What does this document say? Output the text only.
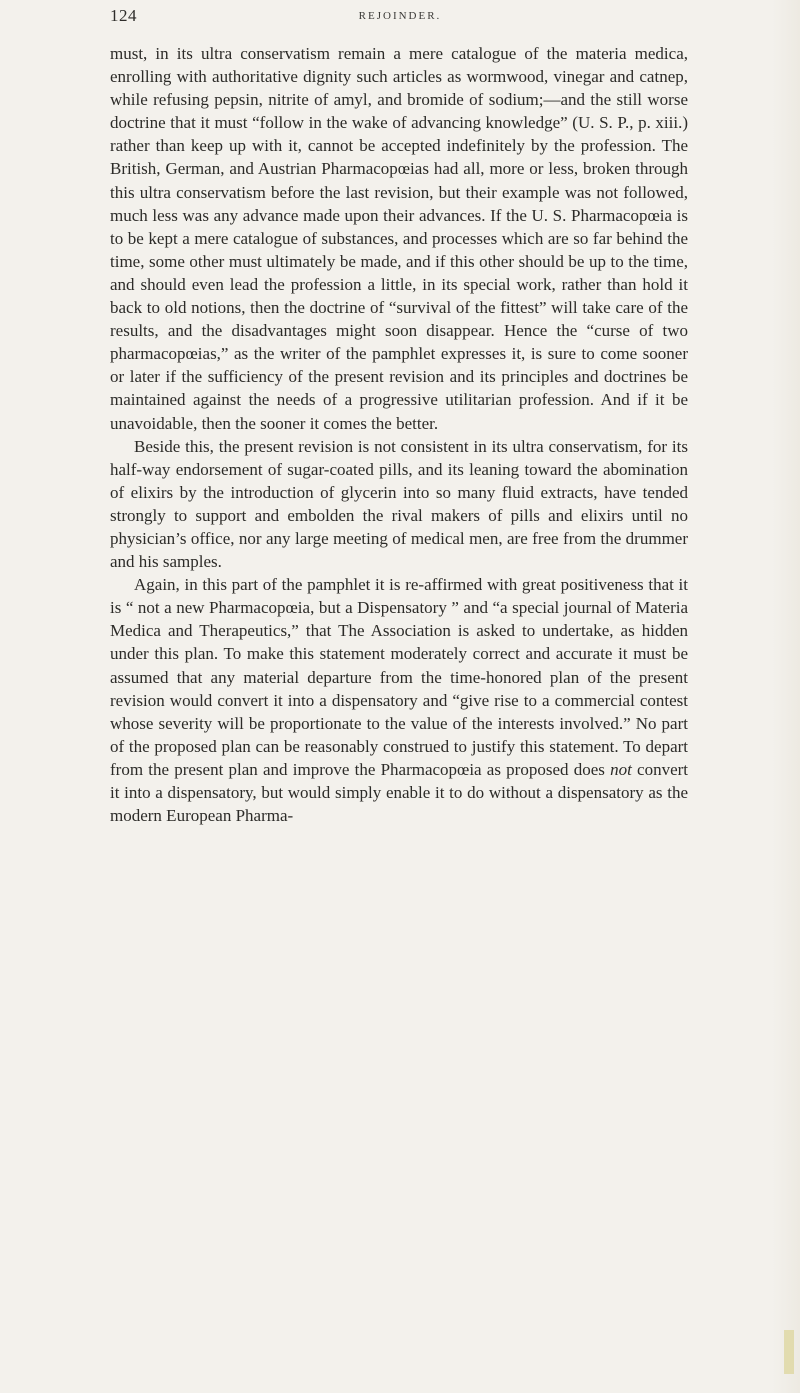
124	REJOINDER.

must, in its ultra conservatism remain a mere catalogue of the materia medica, enrolling with authoritative dignity such articles as wormwood, vinegar and catnep, while refusing pepsin, nitrite of amyl, and bromide of sodium;—and the still worse doctrine that it must “follow in the wake of advancing knowledge” (U. S. P., p. xiii.) rather than keep up with it, cannot be accepted indefinitely by the profession. The British, German, and Austrian Pharmacopœias had all, more or less, broken through this ultra conservatism before the last revision, but their example was not followed, much less was any advance made upon their advances. If the U. S. Pharmacopœia is to be kept a mere catalogue of substances, and processes which are so far behind the time, some other must ultimately be made, and if this other should be up to the time, and should even lead the profession a little, in its special work, rather than hold it back to old notions, then the doctrine of “survival of the fittest” will take care of the results, and the disadvantages might soon disappear. Hence the “curse of two pharmacopœias,” as the writer of the pamphlet expresses it, is sure to come sooner or later if the sufficiency of the present revision and its principles and doctrines be maintained against the needs of a progressive utilitarian profession. And if it be unavoidable, then the sooner it comes the better.

Beside this, the present revision is not consistent in its ultra conservatism, for its half-way endorsement of sugar-coated pills, and its leaning toward the abomination of elixirs by the introduction of glycerin into so many fluid extracts, have tended strongly to support and embolden the rival makers of pills and elixirs until no physician’s office, nor any large meeting of medical men, are free from the drummer and his samples.

Again, in this part of the pamphlet it is re-affirmed with great positiveness that it is “ not a new Pharmacopœia, but a Dispensatory ” and “a special journal of Materia Medica and Therapeutics,” that The Association is asked to undertake, as hidden under this plan. To make this statement moderately correct and accurate it must be assumed that any material departure from the time-honored plan of the present revision would convert it into a dispensatory and “give rise to a commercial contest whose severity will be proportionate to the value of the interests involved.” No part of the proposed plan can be reasonably construed to justify this statement. To depart from the present plan and improve the Pharmacopœia as proposed does not convert it into a dispensatory, but would simply enable it to do without a dispensatory as the modern European Pharma-
